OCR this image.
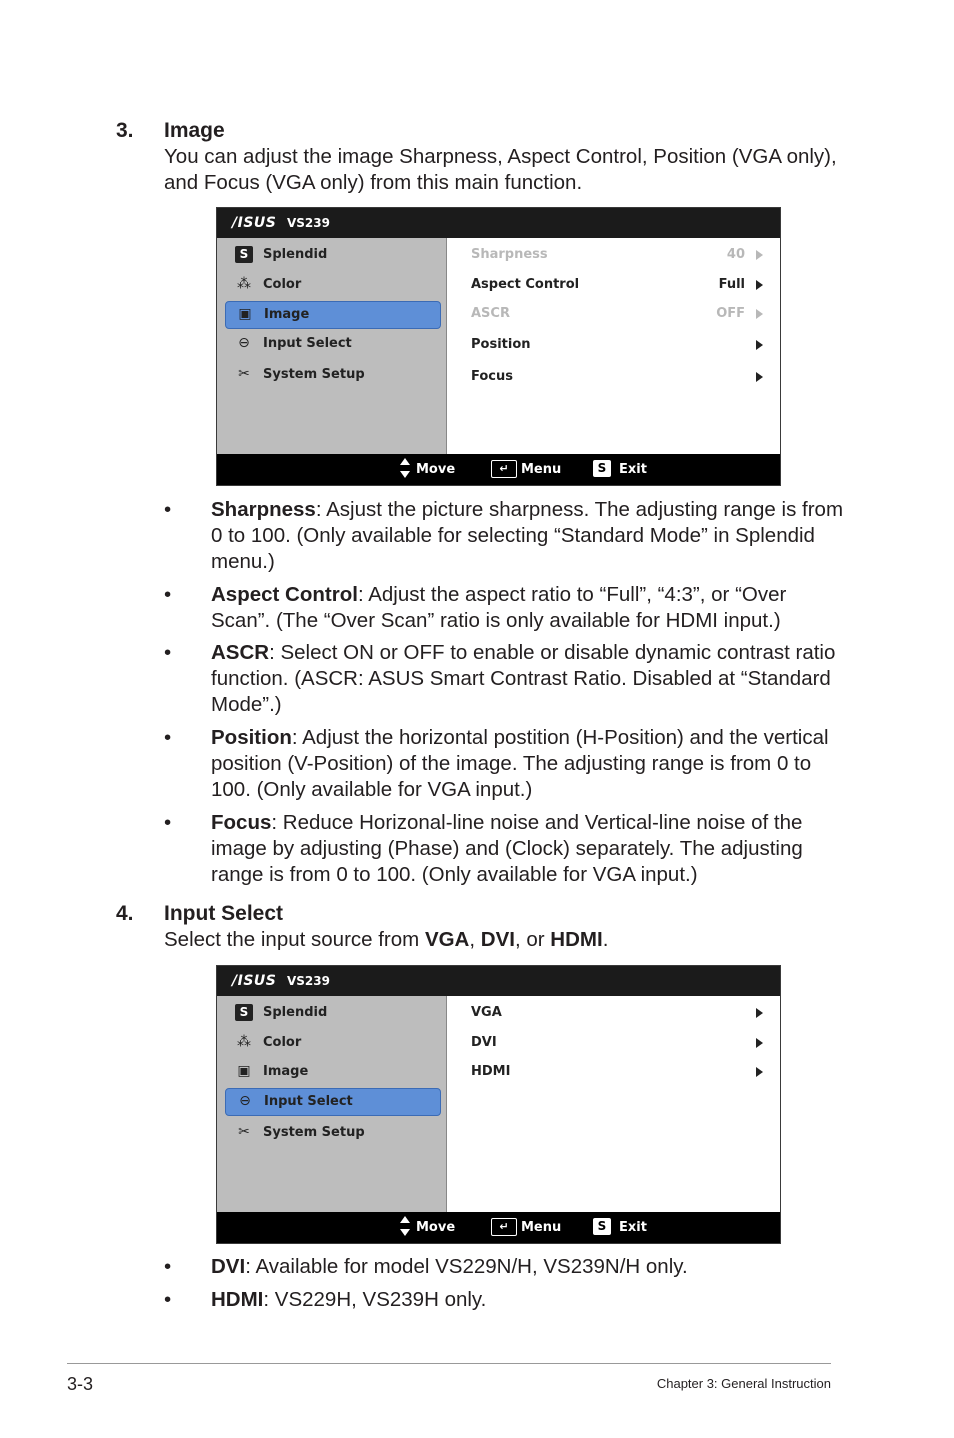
3. Image
You can adjust the image Sharpness, Aspect Control, Position (VGA only), and Focus (VGA only) from this main function.
/ISUS VS239
S	Splendid
⁂ Color
▣ Image
⊖ Input Select
✂ System Setup
Sharpness	40
Aspect Control	Full
ASCR	OFF
Position
Focus
Move	↵ Menu	S Exit
• Sharpness: Asjust the picture sharpness. The adjusting range is from 0 to 100. (Only available for selecting “Standard Mode” in Splendid menu.)
• Aspect Control: Adjust the aspect ratio to “Full”, “4:3”, or “Over Scan”. (The “Over Scan” ratio is only available for HDMI input.)
• ASCR: Select ON or OFF to enable or disable dynamic contrast ratio function. (ASCR: ASUS Smart Contrast Ratio. Disabled at “Standard Mode”.)
• Position: Adjust the horizontal postition (H-Position) and the vertical position (V-Position) of the image. The adjusting range is from 0 to 100. (Only available for VGA input.)
• Focus: Reduce Horizonal-line noise and Vertical-line noise of the image by adjusting (Phase) and (Clock) separately. The adjusting range is from 0 to 100. (Only available for VGA input.)
4. Input Select
Select the input source from VGA, DVI, or HDMI.
/ISUS VS239
S	Splendid
⁂ Color
▣ Image
⊖ Input Select
✂ System Setup
VGA
DVI
HDMI
Move	↵ Menu	S Exit
• DVI: Available for model VS229N/H, VS239N/H only.
• HDMI: VS229H, VS239H only.
3-3	Chapter 3: General Instruction
